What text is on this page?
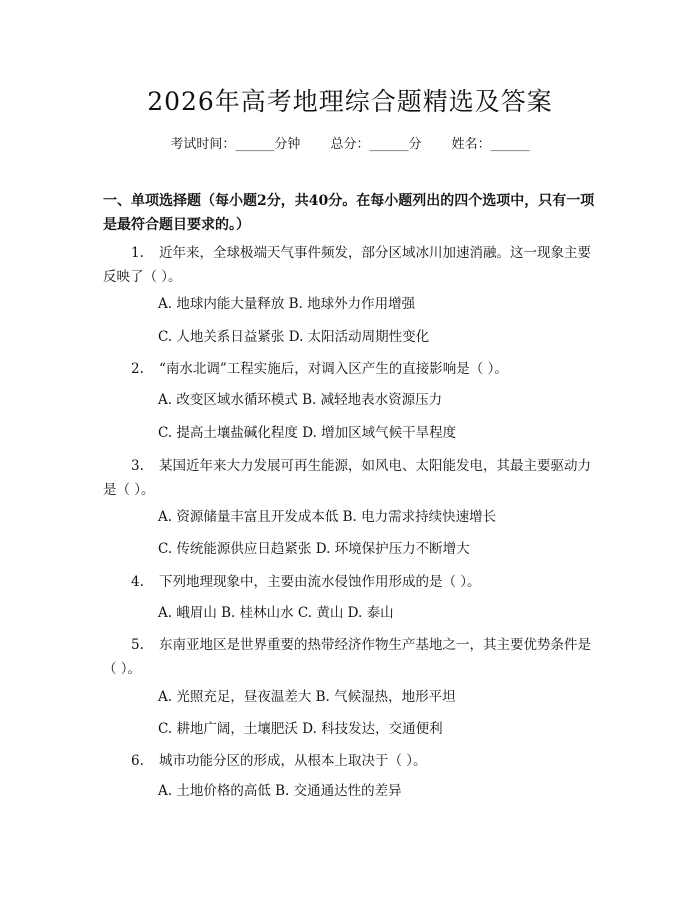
2026年高考地理综合题精选及答案
考试时间：______分钟 总分：______分 姓名：______
一、单项选择题（每小题2分，共40分。在每小题列出的四个选项中，只有一项是最符合题目要求的。）
1. 近年来，全球极端天气事件频发，部分区域冰川加速消融。这一现象主要反映了（ ）。
A. 地球内能大量释放 B. 地球外力作用增强
C. 人地关系日益紧张 D. 太阳活动周期性变化
2. “南水北调”工程实施后，对调入区产生的直接影响是（ ）。
A. 改变区域水循环模式 B. 减轻地表水资源压力
C. 提高土壤盐碱化程度 D. 增加区域气候干旱程度
3. 某国近年来大力发展可再生能源，如风电、太阳能发电，其最主要驱动力是（ ）。
A. 资源储量丰富且开发成本低 B. 电力需求持续快速增长
C. 传统能源供应日趋紧张 D. 环境保护压力不断增大
4. 下列地理现象中，主要由流水侵蚀作用形成的是（ ）。
A. 峨眉山 B. 桂林山水 C. 黄山 D. 泰山
5. 东南亚地区是世界重要的热带经济作物生产基地之一，其主要优势条件是（ ）。
A. 光照充足，昼夜温差大 B. 气候湿热，地形平坦
C. 耕地广阔，土壤肥沃 D. 科技发达，交通便利
6. 城市功能分区的形成，从根本上取决于（ ）。
A. 土地价格的高低 B. 交通通达性的差异
